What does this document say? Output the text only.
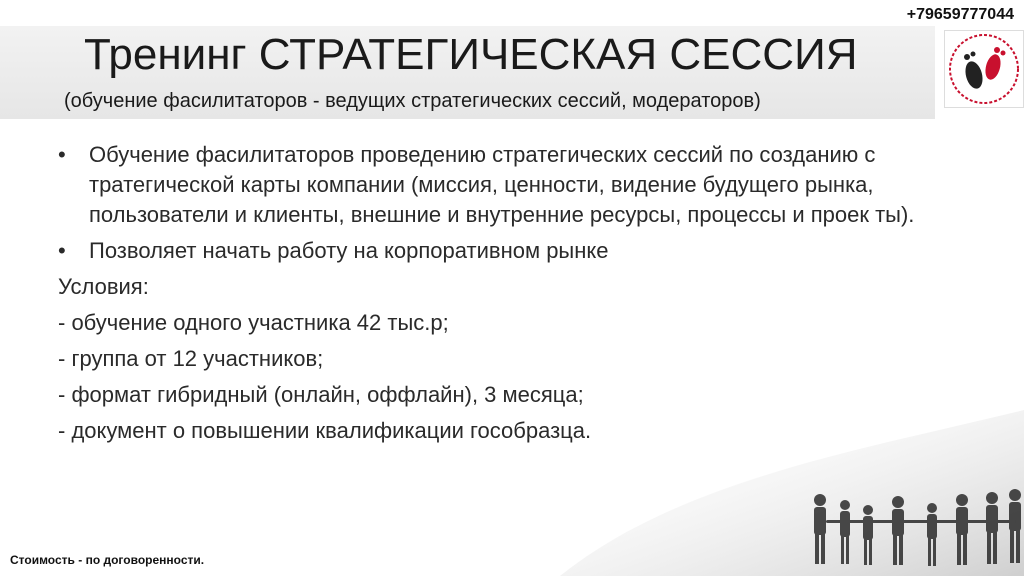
+79659777044
Тренинг СТРАТЕГИЧЕСКАЯ СЕССИЯ
(обучение фасилитаторов - ведущих стратегических сессий, модераторов)
• Обучение фасилитаторов проведению стратегических сессий по созданию с тратегической карты компании (миссия, ценности, видение будущего рынка, пользователи и клиенты, внешние и внутренние ресурсы, процессы и проек ты).
• Позволяет начать работу на корпоративном рынке
Условия:
- обучение одного участника 42 тыс.р;
- группа от 12 участников;
- формат гибридный (онлайн, оффлайн), 3 месяца;
- документ о повышении квалификации гособразца.
Стоимость - по договоренности.
